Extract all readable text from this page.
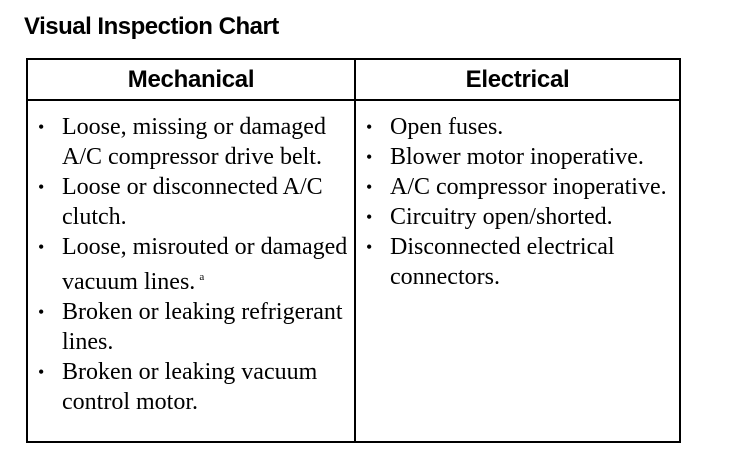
Visual Inspection Chart
Mechanical	Electrical
• Loose, missing or damaged A/C compressor drive belt.
• Loose or disconnected A/C clutch.
• Loose, misrouted or damaged vacuum lines. $^a$
• Broken or leaking refrigerant lines.
• Broken or leaking vacuum control motor.
• Open fuses.
• Blower motor inoperative.
• A/C compressor inoperative.
• Circuitry open/shorted.
• Disconnected electrical connectors.
